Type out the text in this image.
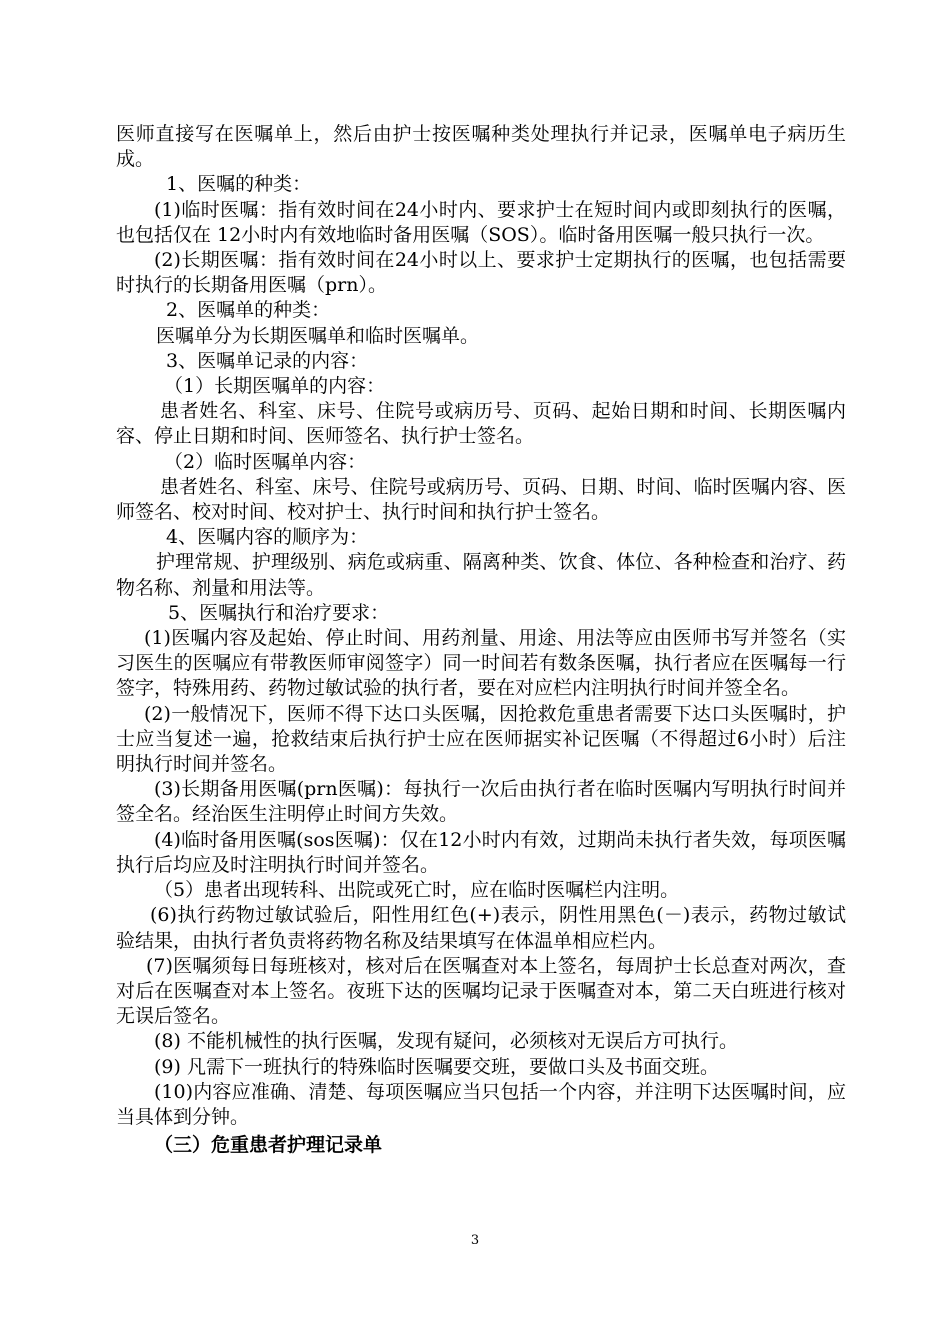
医师直接写在医嘱单上，然后由护士按医嘱种类处理执行并记录，医嘱单电子病历生成。

1、医嘱的种类：

(1)临时医嘱：指有效时间在24小时内、要求护士在短时间内或即刻执行的医嘱，也包括仅在 12小时内有效地临时备用医嘱（SOS）。临时备用医嘱一般只执行一次。

(2)长期医嘱：指有效时间在24小时以上、要求护士定期执行的医嘱，也包括需要时执行的长期备用医嘱（prn）。

2、医嘱单的种类：

医嘱单分为长期医嘱单和临时医嘱单。

3、医嘱单记录的内容：

（1）长期医嘱单的内容：

患者姓名、科室、床号、住院号或病历号、页码、起始日期和时间、长期医嘱内容、停止日期和时间、医师签名、执行护士签名。

（2）临时医嘱单内容：

患者姓名、科室、床号、住院号或病历号、页码、日期、时间、临时医嘱内容、医师签名、校对时间、校对护士、执行时间和执行护士签名。

4、医嘱内容的顺序为：

护理常规、护理级别、病危或病重、隔离种类、饮食、体位、各种检查和治疗、药物名称、剂量和用法等。

5、医嘱执行和治疗要求：

(1)医嘱内容及起始、停止时间、用药剂量、用途、用法等应由医师书写并签名（实习医生的医嘱应有带教医师审阅签字）同一时间若有数条医嘱，执行者应在医嘱每一行签字，特殊用药、药物过敏试验的执行者，要在对应栏内注明执行时间并签全名。

(2)一般情况下，医师不得下达口头医嘱，因抢救危重患者需要下达口头医嘱时，护士应当复述一遍，抢救结束后执行护士应在医师据实补记医嘱（不得超过6小时）后注明执行时间并签名。

(3)长期备用医嘱(prn医嘱)：每执行一次后由执行者在临时医嘱内写明执行时间并签全名。经治医生注明停止时间方失效。

(4)临时备用医嘱(sos医嘱)：仅在12小时内有效，过期尚未执行者失效，每项医嘱执行后均应及时注明执行时间并签名。

（5）患者出现转科、出院或死亡时，应在临时医嘱栏内注明。

(6)执行药物过敏试验后，阳性用红色(+)表示，阴性用黑色(－)表示，药物过敏试验结果，由执行者负责将药物名称及结果填写在体温单相应栏内。

(7)医嘱须每日每班核对，核对后在医嘱查对本上签名，每周护士长总查对两次，查对后在医嘱查对本上签名。夜班下达的医嘱均记录于医嘱查对本，第二天白班进行核对无误后签名。

(8) 不能机械性的执行医嘱，发现有疑问，必须核对无误后方可执行。

(9) 凡需下一班执行的特殊临时医嘱要交班，要做口头及书面交班。

(10)内容应准确、清楚、每项医嘱应当只包括一个内容，并注明下达医嘱时间，应当具体到分钟。

（三）危重患者护理记录单

3
